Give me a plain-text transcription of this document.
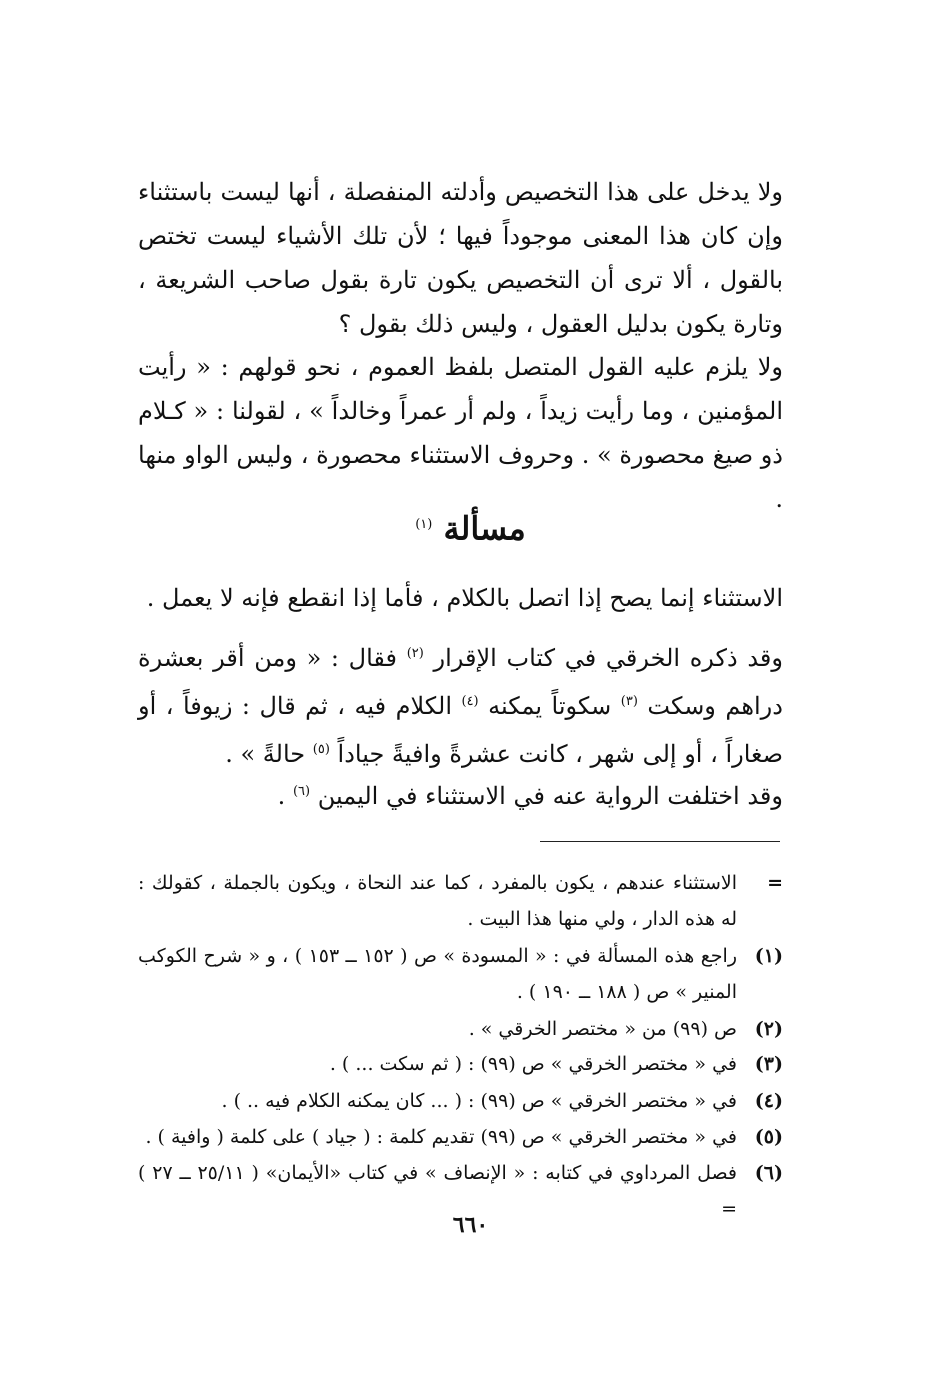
ولا يدخل على هذا التخصيص وأدلته المنفصلة ، أنها ليست باستثناء وإن كان هذا المعنى موجوداً فيها ؛ لأن تلك الأشياء ليست تختص بالقول ، ألا ترى أن التخصيص يكون تارة بقول صاحب الشريعة ، وتارة يكون بدليل العقول ، وليس ذلك بقول ؟

ولا يلزم عليه القول المتصل بلفظ العموم ، نحو قولهم : « رأيت المؤمنين ، وما رأيت زيداً ، ولم أر عمراً وخالداً » ، لقولنا : « كـلام ذو صيغ محصورة » . وحروف الاستثناء محصورة ، وليس الواو منها .

مسألة $^{(١)}$

الاستثناء إنما يصح إذا اتصل بالكلام ، فأما إذا انقطع فإنه لا يعمل .

وقد ذكره الخرقي في كتاب الإقرار $^{(٢)}$ فقال : « ومن أقر بعشرة دراهم وسكت $^{(٣)}$ سكوتاً يمكنه $^{(٤)}$ الكلام فيه ، ثم قال : زيوفاً ، أو صغاراً ، أو إلى شهر ، كانت عشرةً وافيةً جياداً $^{(٥)}$ حالةً » .

وقد اختلفت الرواية عنه في الاستثناء في اليمين $^{(٦)}$ .

=
الاستثناء عندهم ، يكون بالمفرد ، كما عند النحاة ، ويكون بالجملة ، كقولك : له هذه الدار ، ولي منها هذا البيت .
(١)
راجع هذه المسألة في : « المسودة » ص ( ١٥٢ ــ ١٥٣ ) ، و « شرح الكوكب المنير » ص ( ١٨٨ ــ ١٩٠ ) .
(٢)
ص (٩٩) من « مختصر الخرقي » .
(٣)
في « مختصر الخرقي » ص (٩٩) : ( ثم سكت ... ) .
(٤)
في « مختصر الخرقي » ص (٩٩) : ( ... كان يمكنه الكلام فيه .. ) .
(٥)
في « مختصر الخرقي » ص (٩٩) تقديم كلمة : ( جياد ) على كلمة ( وافية ) .
(٦)
فصل المرداوي في كتابه : « الإنصاف » في كتاب «الأيمان» ( ٢٥/١١ ــ ٢٧ ) =
٦٦٠
